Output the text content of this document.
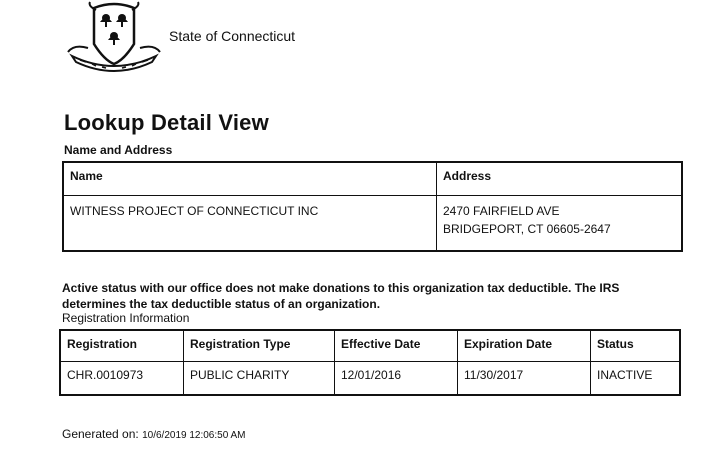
State of Connecticut
Lookup Detail View
Name and Address
Name	Address
WITNESS PROJECT OF CONNECTICUT INC	2470 FAIRFIELD AVE
BRIDGEPORT, CT 06605-2647

Active status with our office does not make donations to this organization tax deductible. The IRS determines the tax deductible status of an organization.

Registration Information
Registration	Registration Type	Effective Date	Expiration Date	Status
CHR.0010973	PUBLIC CHARITY	12/01/2016	11/30/2017	INACTIVE
Generated on: 10/6/2019 12:06:50 AM
